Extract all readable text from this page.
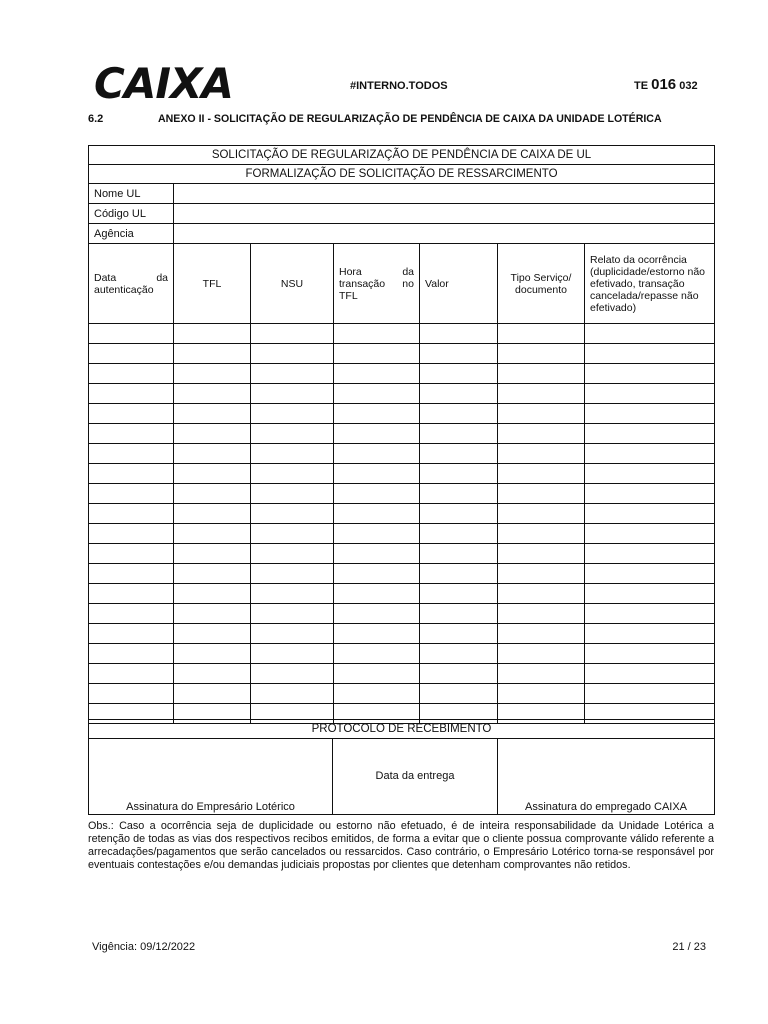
CAIXA	#INTERNO.TODOS	TE 016 032
6.2	ANEXO II - SOLICITAÇÃO DE REGULARIZAÇÃO DE PENDÊNCIA DE CAIXA DA UNIDADE LOTÉRICA
SOLICITAÇÃO DE REGULARIZAÇÃO DE PENDÊNCIA DE CAIXA DE UL						
FORMALIZAÇÃO DE SOLICITAÇÃO DE RESSARCIMENTO						
Nome UL						
Código UL						
Agência						
Data da autenticação	TFL	NSU	Hora da transação no TFL	Valor	Tipo Serviço/ documento	Relato da ocorrência (duplicidade/estorno não efetivado, transação cancelada/repasse não efetivado)

PROTOCOLO DE RECEBIMENTO
Assinatura do Empresário Lotérico	Data da entrega	Assinatura do empregado CAIXA
Obs.: Caso a ocorrência seja de duplicidade ou estorno não efetuado, é de inteira responsabilidade da Unidade Lotérica a retenção de todas as vias dos respectivos recibos emitidos, de forma a evitar que o cliente possua comprovante válido referente a arrecadações/pagamentos que serão cancelados ou ressarcidos. Caso contrário, o Empresário Lotérico torna-se responsável por eventuais contestações e/ou demandas judiciais propostas por clientes que detenham comprovantes não retidos.
Vigência: 09/12/2022	21 / 23
